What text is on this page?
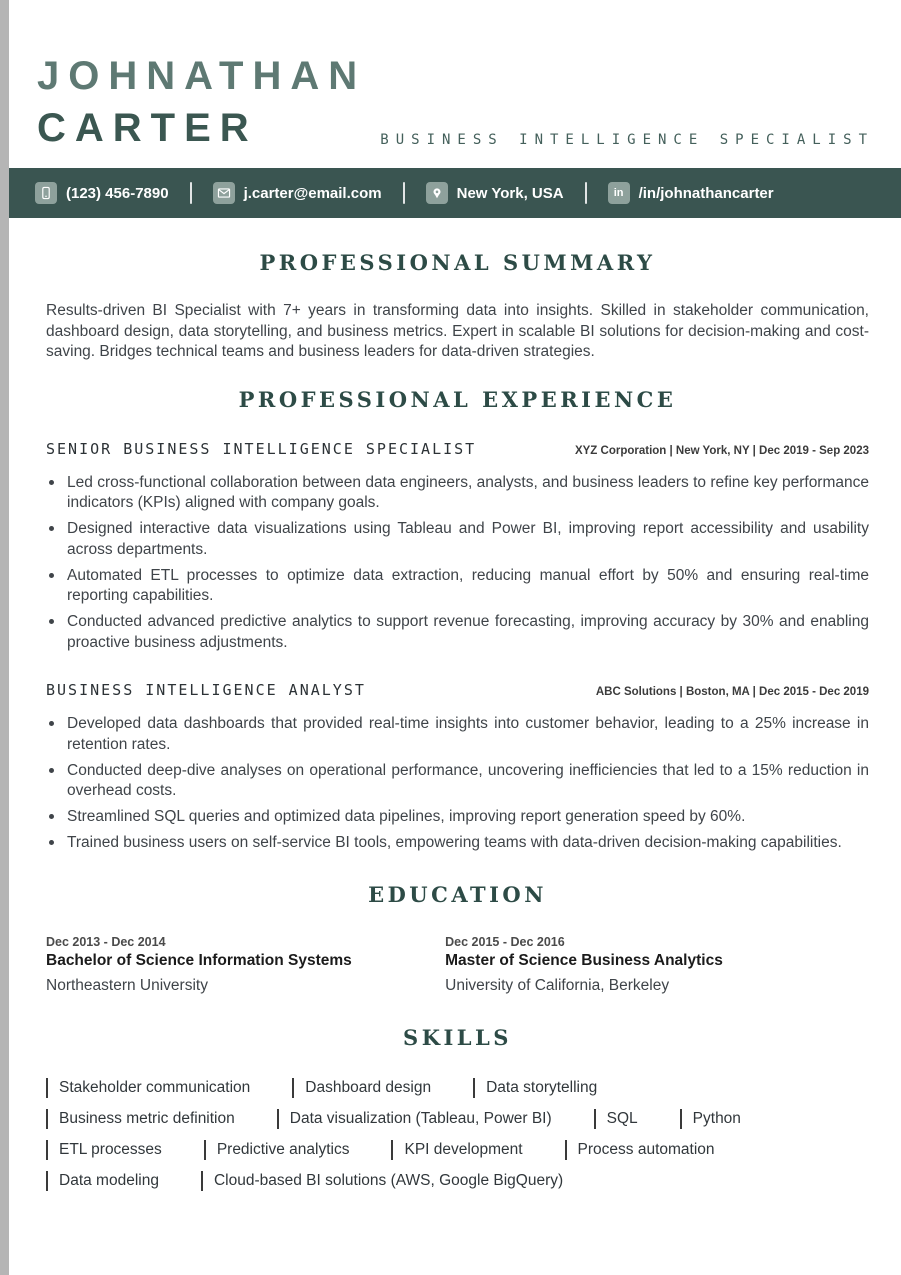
JOHNATHAN
CARTER	BUSINESS INTELLIGENCE SPECIALIST
(123) 456-7890	j.carter@email.com	New York, USA	in	/in/johnathancarter
PROFESSIONAL SUMMARY

Results-driven BI Specialist with 7+ years in transforming data into insights. Skilled in stakeholder communication, dashboard design, data storytelling, and business metrics. Expert in scalable BI solutions for decision-making and cost-saving. Bridges technical teams and business leaders for data-driven strategies.

PROFESSIONAL EXPERIENCE
SENIOR BUSINESS INTELLIGENCE SPECIALIST	XYZ Corporation | New York, NY | Dec 2019 - Sep 2023
Led cross-functional collaboration between data engineers, analysts, and business leaders to refine key performance indicators (KPIs) aligned with company goals.
Designed interactive data visualizations using Tableau and Power BI, improving report accessibility and usability across departments.
Automated ETL processes to optimize data extraction, reducing manual effort by 50% and ensuring real-time reporting capabilities.
Conducted advanced predictive analytics to support revenue forecasting, improving accuracy by 30% and enabling proactive business adjustments.
BUSINESS INTELLIGENCE ANALYST	ABC Solutions | Boston, MA | Dec 2015 - Dec 2019
Developed data dashboards that provided real-time insights into customer behavior, leading to a 25% increase in retention rates.
Conducted deep-dive analyses on operational performance, uncovering inefficiencies that led to a 15% reduction in overhead costs.
Streamlined SQL queries and optimized data pipelines, improving report generation speed by 60%.
Trained business users on self-service BI tools, empowering teams with data-driven decision-making capabilities.
EDUCATION
Dec 2013 - Dec 2014
Bachelor of Science Information Systems
Northeastern University
Dec 2015 - Dec 2016
Master of Science Business Analytics
University of California, Berkeley
SKILLS
Stakeholder communication	Dashboard design	Data storytelling
Business metric definition	Data visualization (Tableau, Power BI)	SQL	Python
ETL processes	Predictive analytics	KPI development	Process automation
Data modeling	Cloud-based BI solutions (AWS, Google BigQuery)
